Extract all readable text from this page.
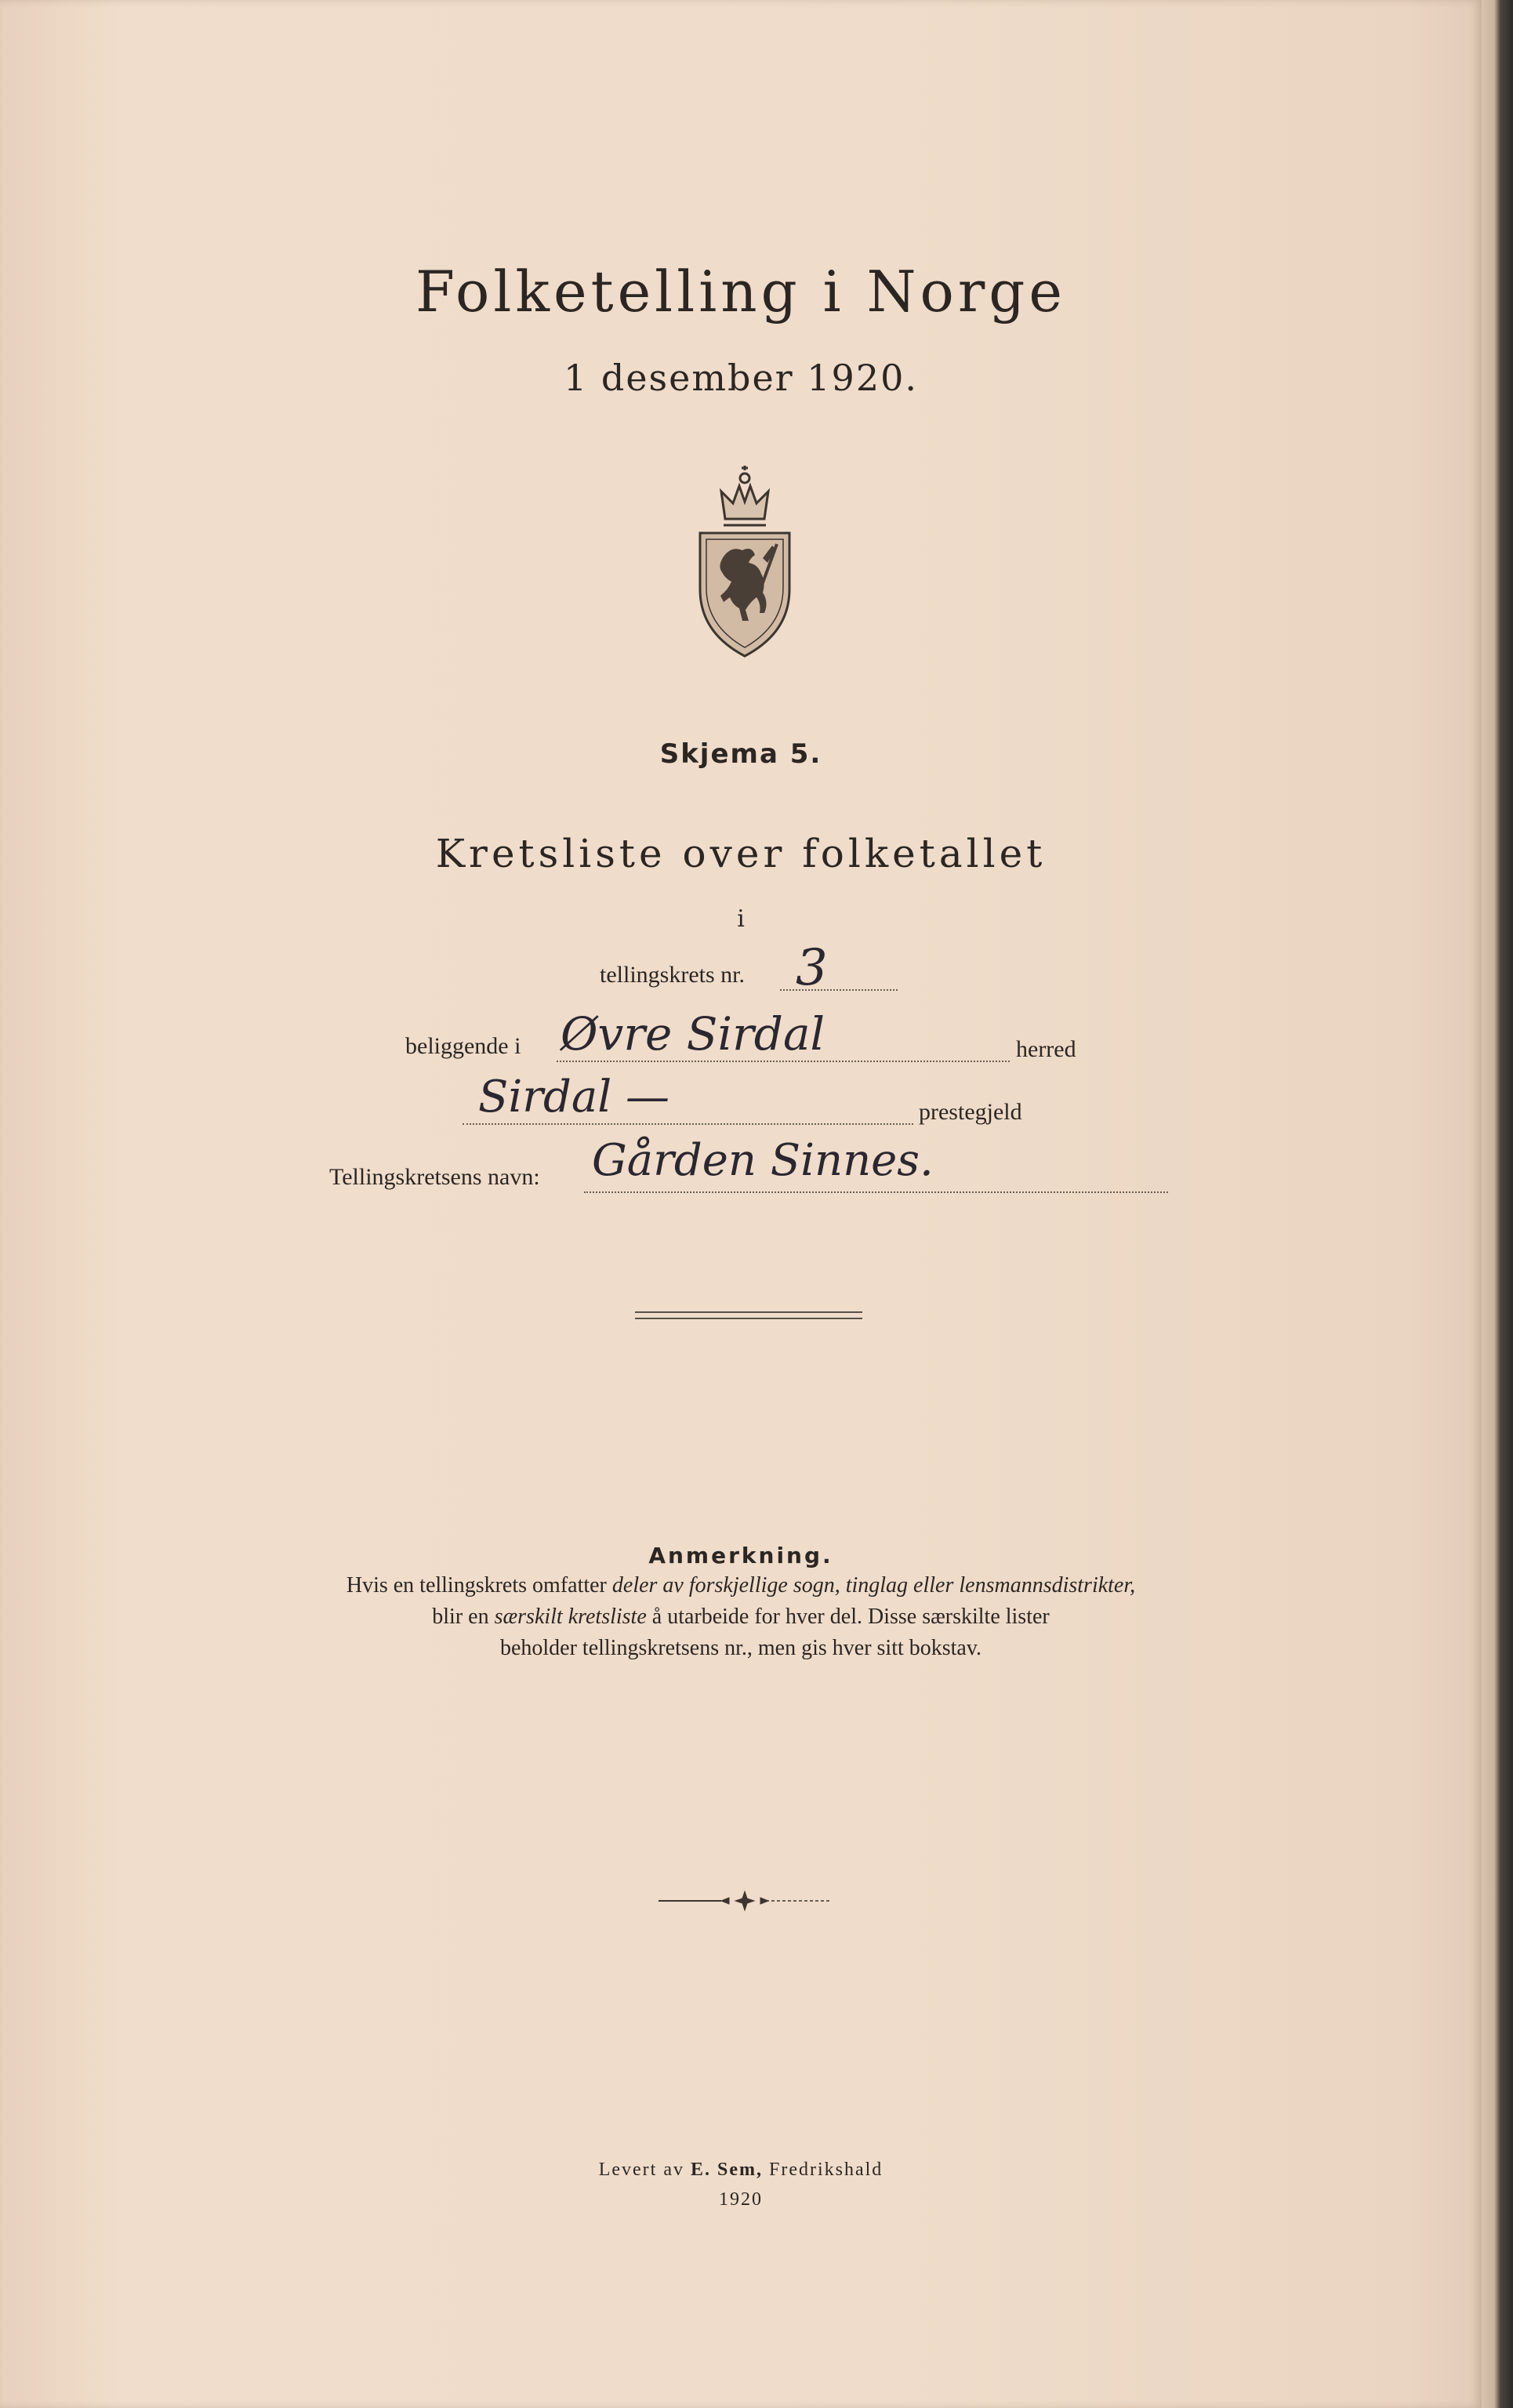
Folketelling i Norge
1 desember 1920.
Skjema 5.
Kretsliste over folketallet
i
tellingskrets nr. 3
beliggende i Øvre Sirdal	herred
Sirdal —	prestegjeld
Tellingskretsens navn: Gården Sinnes.
Anmerkning.
Hvis en tellingskrets omfatter deler av forskjellige sogn, tinglag eller lensmannsdistrikter,
blir en særskilt kretsliste å utarbeide for hver del. Disse særskilte lister
beholder tellingskretsens nr., men gis hver sitt bokstav.
Levert av E. Sem, Fredrikshald
1920
